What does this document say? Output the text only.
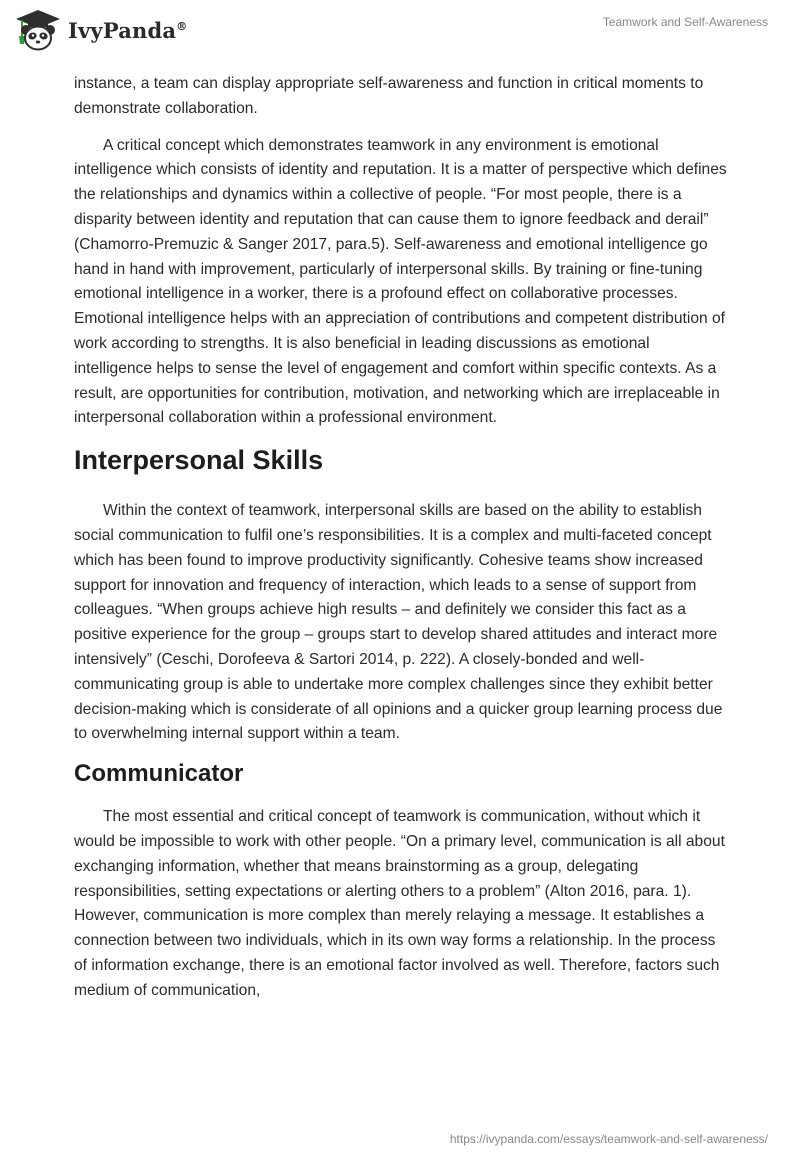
IvyPanda®	Teamwork and Self-Awareness

instance, a team can display appropriate self-awareness and function in critical moments to demonstrate collaboration.

A critical concept which demonstrates teamwork in any environment is emotional intelligence which consists of identity and reputation. It is a matter of perspective which defines the relationships and dynamics within a collective of people. “For most people, there is a disparity between identity and reputation that can cause them to ignore feedback and derail” (Chamorro-Premuzic & Sanger 2017, para.5). Self-awareness and emotional intelligence go hand in hand with improvement, particularly of interpersonal skills. By training or fine-tuning emotional intelligence in a worker, there is a profound effect on collaborative processes. Emotional intelligence helps with an appreciation of contributions and competent distribution of work according to strengths. It is also beneficial in leading discussions as emotional intelligence helps to sense the level of engagement and comfort within specific contexts. As a result, are opportunities for contribution, motivation, and networking which are irreplaceable in interpersonal collaboration within a professional environment.

Interpersonal Skills

Within the context of teamwork, interpersonal skills are based on the ability to establish social communication to fulfil one’s responsibilities. It is a complex and multi-faceted concept which has been found to improve productivity significantly. Cohesive teams show increased support for innovation and frequency of interaction, which leads to a sense of support from colleagues. “When groups achieve high results – and definitely we consider this fact as a positive experience for the group – groups start to develop shared attitudes and interact more intensively” (Ceschi, Dorofeeva & Sartori 2014, p. 222). A closely-bonded and well-communicating group is able to undertake more complex challenges since they exhibit better decision-making which is considerate of all opinions and a quicker group learning process due to overwhelming internal support within a team.

Communicator

The most essential and critical concept of teamwork is communication, without which it would be impossible to work with other people. “On a primary level, communication is all about exchanging information, whether that means brainstorming as a group, delegating responsibilities, setting expectations or alerting others to a problem” (Alton 2016, para. 1). However, communication is more complex than merely relaying a message. It establishes a connection between two individuals, which in its own way forms a relationship. In the process of information exchange, there is an emotional factor involved as well. Therefore, factors such medium of communication,

https://ivypanda.com/essays/teamwork-and-self-awareness/
